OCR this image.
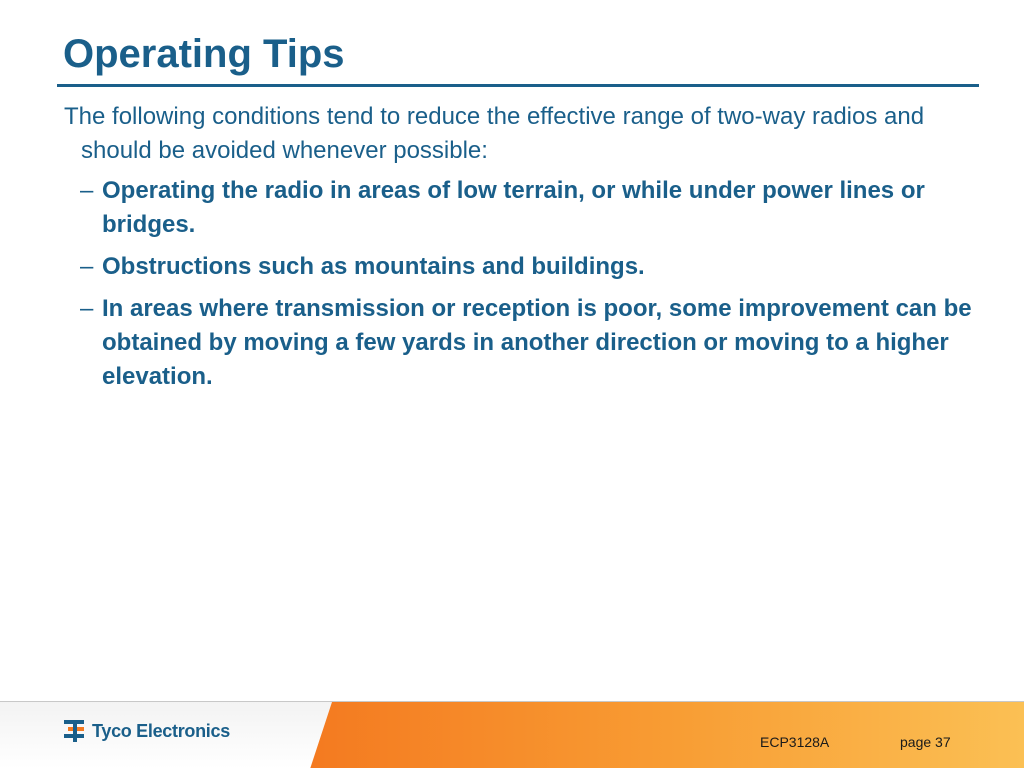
Operating Tips

The following conditions tend to reduce the effective range of two-way radios and should be avoided whenever possible:

– Operating the radio in areas of low terrain, or while under power lines or bridges.
– Obstructions such as mountains and buildings.
– In areas where transmission or reception is poor, some improvement can be obtained by moving a few yards in another direction or moving to a higher elevation.
Tyco Electronics
ECP3128A	page 37
